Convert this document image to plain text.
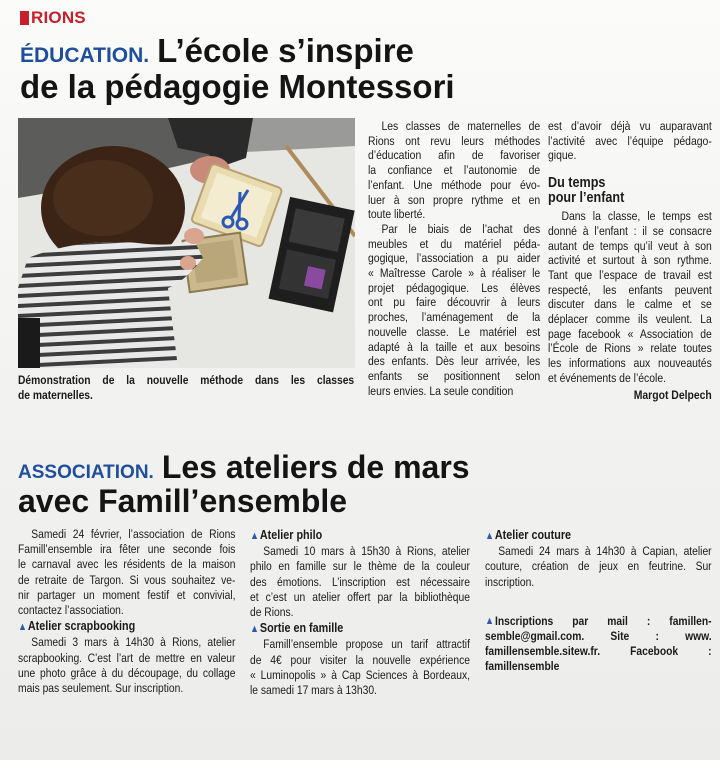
RIONS
ÉDUCATION. L’école s’inspire
de la pédagogie Montessori
Démonstration de la nouvelle méthode dans les classes
de maternelles.
Les classes de maternelles de
Rions ont revu leurs méthodes
d’éducation afin de favoriser
la confiance et l’autonomie de
l’enfant. Une méthode pour évo-
luer à son propre rythme et en
toute liberté.
Par le biais de l’achat des
meubles et du matériel péda-
gogique, l’association a pu aider
« Maîtresse Carole » à réaliser le
projet pédagogique. Les élèves
ont pu faire découvrir à leurs
proches, l’aménagement de la
nouvelle classe. Le matériel est
adapté à la taille et aux besoins
des enfants. Dès leur arrivée, les
enfants se positionnent selon
leurs envies. La seule condition
est d’avoir déjà vu auparavant
l’activité avec l’équipe pédago-
gique.
Du temps
pour l’enfant
Dans la classe, le temps est
donné à l’enfant : il se consacre
autant de temps qu’il veut à son
activité et surtout à son rythme.
Tant que l’espace de travail est
respecté, les enfants peuvent
discuter dans le calme et se
déplacer comme ils veulent. La
page facebook « Association de
l’École de Rions » relate toutes
les informations aux nouveautés
et événements de l’école.
Margot Delpech
ASSOCIATION. Les ateliers de mars
avec Famill’ensemble
Samedi 24 février, l’association de Rions
Famill’ensemble ira fêter une seconde fois
le carnaval avec les résidents de la maison
de retraite de Targon. Si vous souhaitez ve-
nir partager un moment festif et convivial,
contactez l’association.
▲Atelier scrapbooking
Samedi 3 mars à 14h30 à Rions, atelier
scrapbooking. C’est l’art de mettre en valeur
une photo grâce à du découpage, du collage
mais pas seulement. Sur inscription.
▲Atelier philo
Samedi 10 mars à 15h30 à Rions, atelier
philo en famille sur le thème de la couleur
des émotions. L’inscription est nécessaire
et c’est un atelier offert par la bibliothèque
de Rions.
▲Sortie en famille
Famill’ensemble propose un tarif attractif
de 4€ pour visiter la nouvelle expérience
« Luminopolis » à Cap Sciences à Bordeaux,
le samedi 17 mars à 13h30.
▲Atelier couture
Samedi 24 mars à 14h30 à Capian, atelier
couture, création de jeux en feutrine. Sur
inscription.
▲ Inscriptions par mail : famillen-
semble@gmail.com. Site : www.
famillensemble.sitew.fr. Facebook :
famillensemble
